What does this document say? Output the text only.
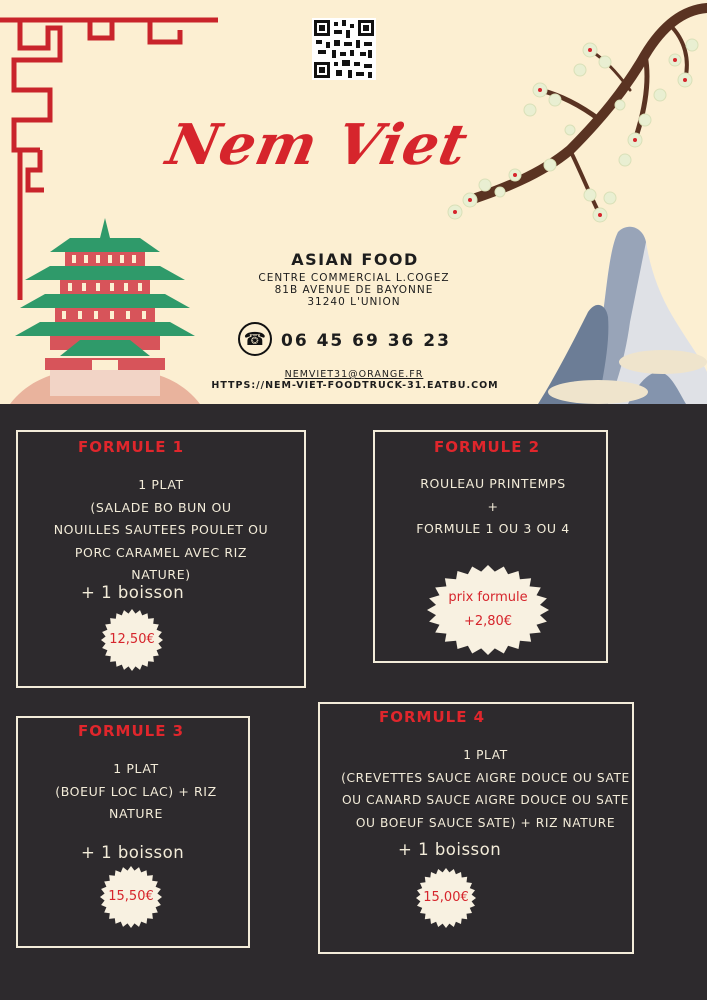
Nem Viet
ASIAN FOOD
CENTRE COMMERCIAL L.COGEZ
81B AVENUE DE BAYONNE
31240 L'UNION
☎ 06 45 69 36 23
NEMVIET31@ORANGE.FR
HTTPS://NEM-VIET-FOODTRUCK-31.EATBU.COM
FORMULE 1
1 PLAT
(SALADE BO BUN OU
NOUILLES SAUTEES POULET OU
PORC CARAMEL AVEC RIZ
NATURE)
+ 1 boisson
12,50€
FORMULE 2
ROULEAU PRINTEMPS
+
FORMULE 1 OU 3 OU 4
prix formule
+2,80€
FORMULE 3
1 PLAT
(BOEUF LOC LAC) + RIZ
NATURE
+ 1 boisson
15,50€
FORMULE 4
1 PLAT
(CREVETTES SAUCE AIGRE DOUCE OU SATE
OU CANARD SAUCE AIGRE DOUCE OU SATE
OU BOEUF SAUCE SATE) + RIZ NATURE
+ 1 boisson
15,00€
